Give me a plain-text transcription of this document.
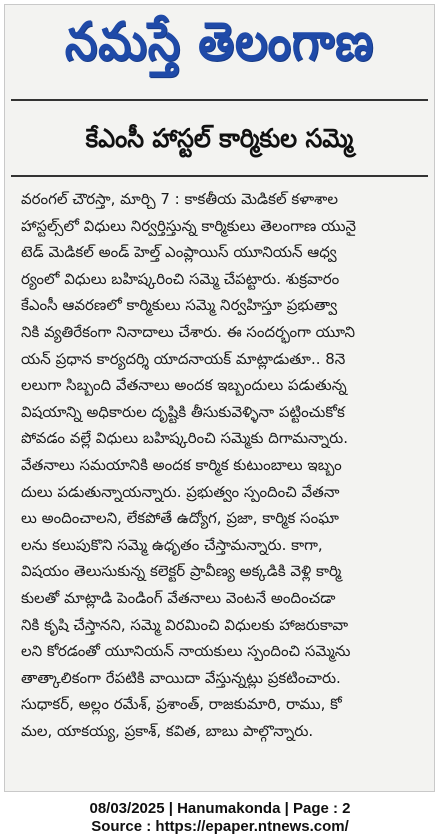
నమస్తే తెలంగాణ
కేఎంసీ హాస్టల్ కార్మికుల సమ్మె
వరంగల్ చౌరస్తా, మార్చి 7 : కాకతీయ మెడికల్ కళాశాల
హాస్టల్స్‌లో విధులు నిర్వర్తిస్తున్న కార్మికులు తెలంగాణ యునై
టెడ్ మెడికల్ అండ్ హెల్త్ ఎంప్లాయిస్ యూనియన్ ఆధ్వ
ర్యంలో విధులు బహిష్కరించి సమ్మె చేపట్టారు. శుక్రవారం
కేఎంసీ ఆవరణలో కార్మికులు సమ్మె నిర్వహిస్తూ ప్రభుత్వా
నికి వ్యతిరేకంగా నినాదాలు చేశారు. ఈ సందర్భంగా యూని
యన్ ప్రధాన కార్యదర్శి యాదనాయక్ మాట్లాడుతూ.. 8నె
లలుగా సిబ్బంది వేతనాలు అందక ఇబ్బందులు పడుతున్న
విషయాన్ని అధికారుల దృష్టికి తీసుకువెళ్ళినా పట్టించుకోక
పోవడం వల్లే విధులు బహిష్కరించి సమ్మెకు దిగామన్నారు.
వేతనాలు సమయానికి అందక కార్మిక కుటుంబాలు ఇబ్బం
దులు పడుతున్నాయన్నారు. ప్రభుత్వం స్పందించి వేతనా
లు అందించాలని, లేకపోతే ఉద్యోగ, ప్రజా, కార్మిక సంఘా
లను కలుపుకొని సమ్మె ఉధృతం చేస్తామన్నారు. కాగా,
విషయం తెలుసుకున్న కలెక్టర్ ప్రావీణ్య అక్కడికి వెళ్లి కార్మి
కులతో మాట్లాడి పెండింగ్ వేతనాలు వెంటనే అందించడా
నికి కృషి చేస్తానని, సమ్మె విరమించి విధులకు హాజరుకావా
లని కోరడంతో యూనియన్ నాయకులు స్పందించి సమ్మెను
తాత్కాలికంగా రేపటికి వాయిదా వేస్తున్నట్లు ప్రకటించారు.
సుధాకర్, అల్లం రమేశ్, ప్రశాంత్, రాజకుమారి, రాము, కో
మల, యాకయ్య, ప్రకాశ్, కవిత, బాబు పాల్గొన్నారు.
08/03/2025 | Hanumakonda | Page : 2
Source : https://epaper.ntnews.com/
